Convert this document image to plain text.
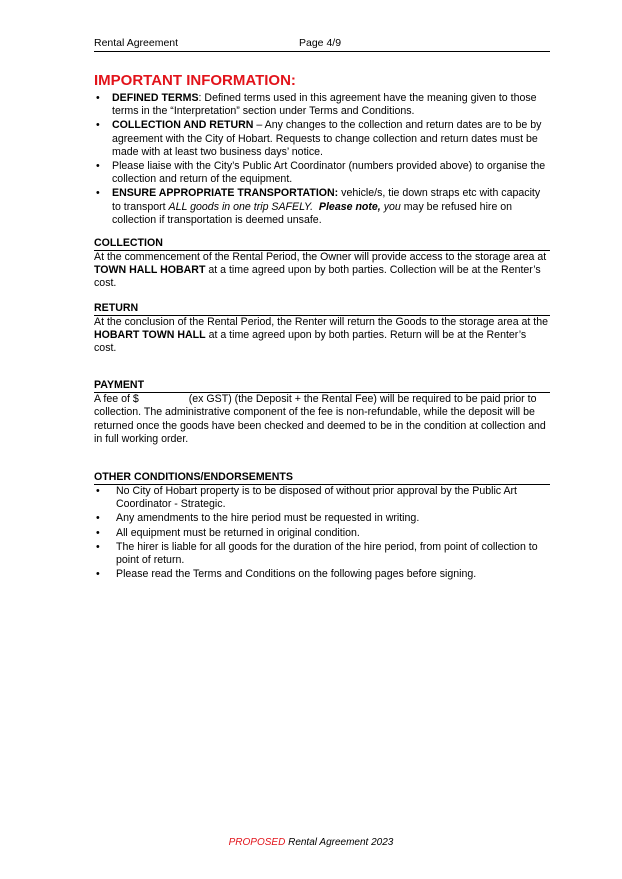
Rental Agreement	Page 4/9
IMPORTANT INFORMATION:
• DEFINED TERMS: Defined terms used in this agreement have the meaning given to those terms in the “Interpretation” section under Terms and Conditions.
• COLLECTION AND RETURN – Any changes to the collection and return dates are to be by agreement with the City of Hobart. Requests to change collection and return dates must be made with at least two business days’ notice.
• Please liaise with the City’s Public Art Coordinator (numbers provided above) to organise the collection and return of the equipment.
• ENSURE APPROPRIATE TRANSPORTATION: vehicle/s, tie down straps etc with capacity to transport ALL goods in one trip SAFELY. Please note, you may be refused hire on collection if transportation is deemed unsafe.
COLLECTION
At the commencement of the Rental Period, the Owner will provide access to the storage area at TOWN HALL HOBART at a time agreed upon by both parties. Collection will be at the Renter’s cost.
RETURN
At the conclusion of the Rental Period, the Renter will return the Goods to the storage area at the HOBART TOWN HALL at a time agreed upon by both parties. Return will be at the Renter’s cost.
PAYMENT
A fee of $	(ex GST) (the Deposit + the Rental Fee) will be required to be paid prior to collection. The administrative component of the fee is non-refundable, while the deposit will be returned once the goods have been checked and deemed to be in the condition at collection and in full working order.
OTHER CONDITIONS/ENDORSEMENTS
• No City of Hobart property is to be disposed of without prior approval by the Public Art Coordinator - Strategic.
• Any amendments to the hire period must be requested in writing.
• All equipment must be returned in original condition.
• The hirer is liable for all goods for the duration of the hire period, from point of collection to point of return.
• Please read the Terms and Conditions on the following pages before signing.
PROPOSED Rental Agreement 2023
